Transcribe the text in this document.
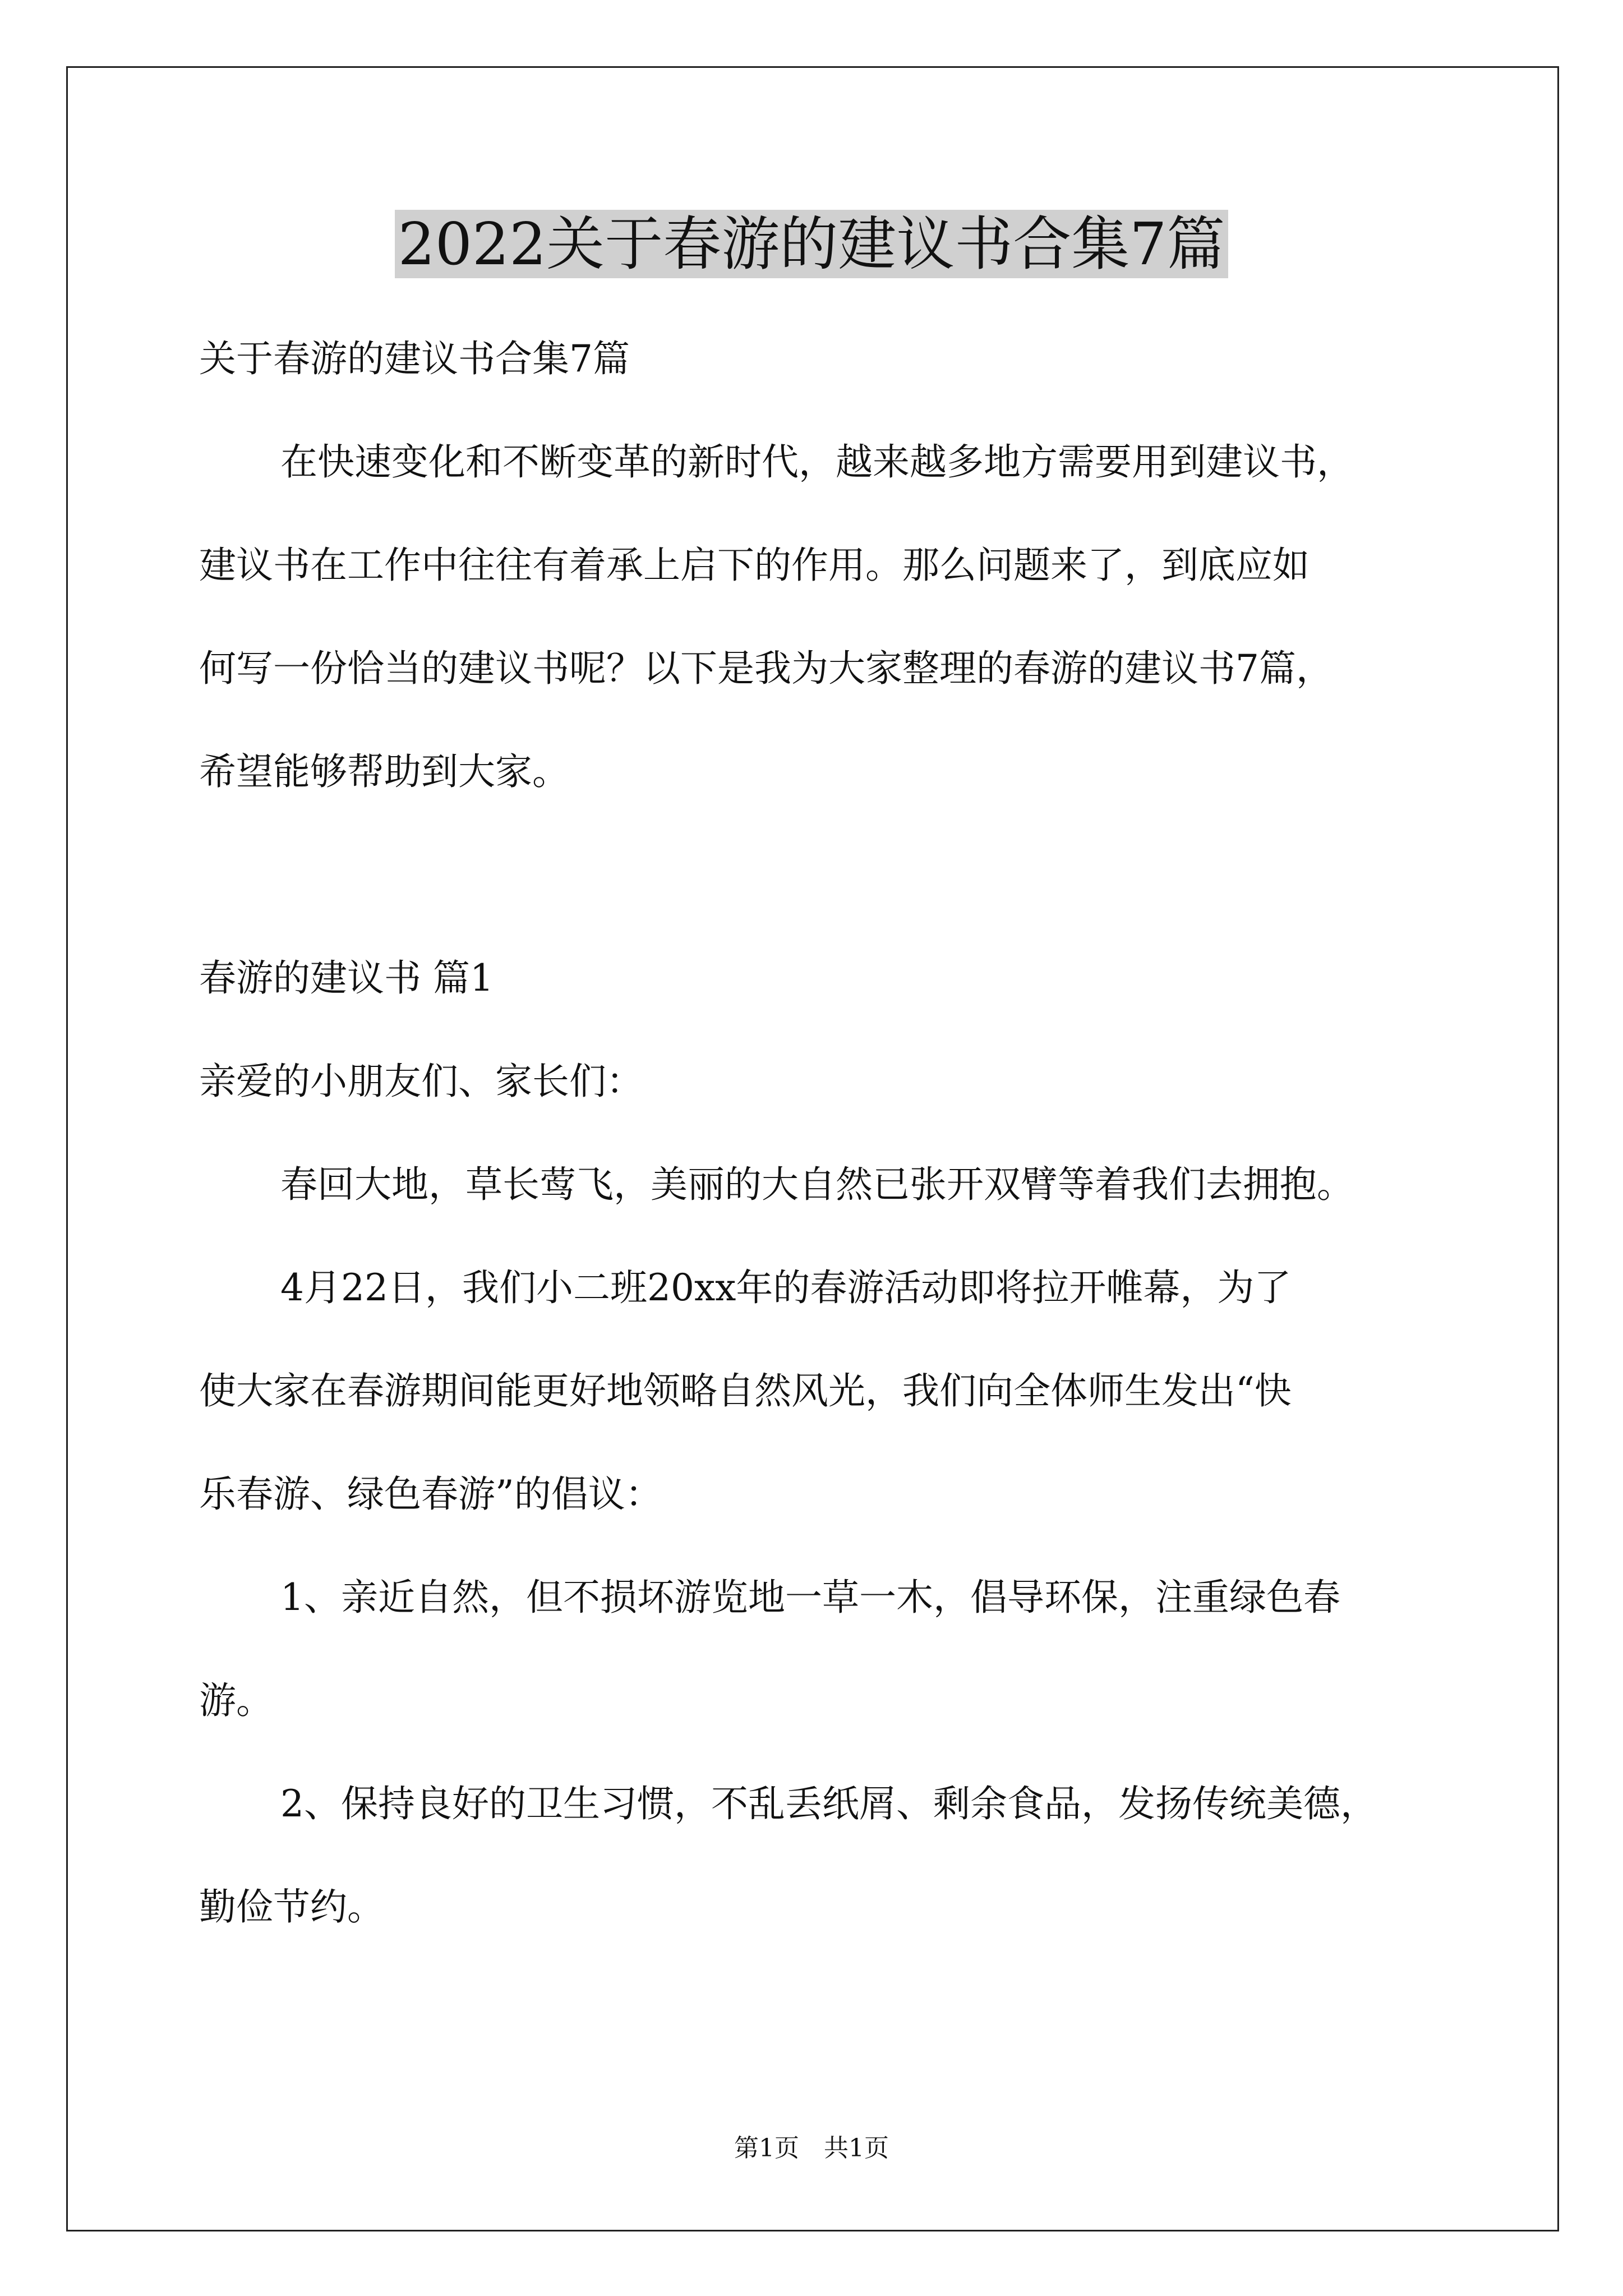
2022关于春游的建议书合集7篇

关于春游的建议书合集7篇

在快速变化和不断变革的新时代，越来越多地方需要用到建议书，

建议书在工作中往往有着承上启下的作用。那么问题来了，到底应如

何写一份恰当的建议书呢？以下是我为大家整理的春游的建议书7篇，

希望能够帮助到大家。

春游的建议书 篇1

亲爱的小朋友们、家长们：

春回大地，草长莺飞，美丽的大自然已张开双臂等着我们去拥抱。

4月22日，我们小二班20xx年的春游活动即将拉开帷幕，为了

使大家在春游期间能更好地领略自然风光，我们向全体师生发出“快

乐春游、绿色春游”的倡议：

1、亲近自然，但不损坏游览地一草一木，倡导环保，注重绿色春

游。

2、保持良好的卫生习惯，不乱丢纸屑、剩余食品，发扬传统美德，

勤俭节约。

第1页　共1页
